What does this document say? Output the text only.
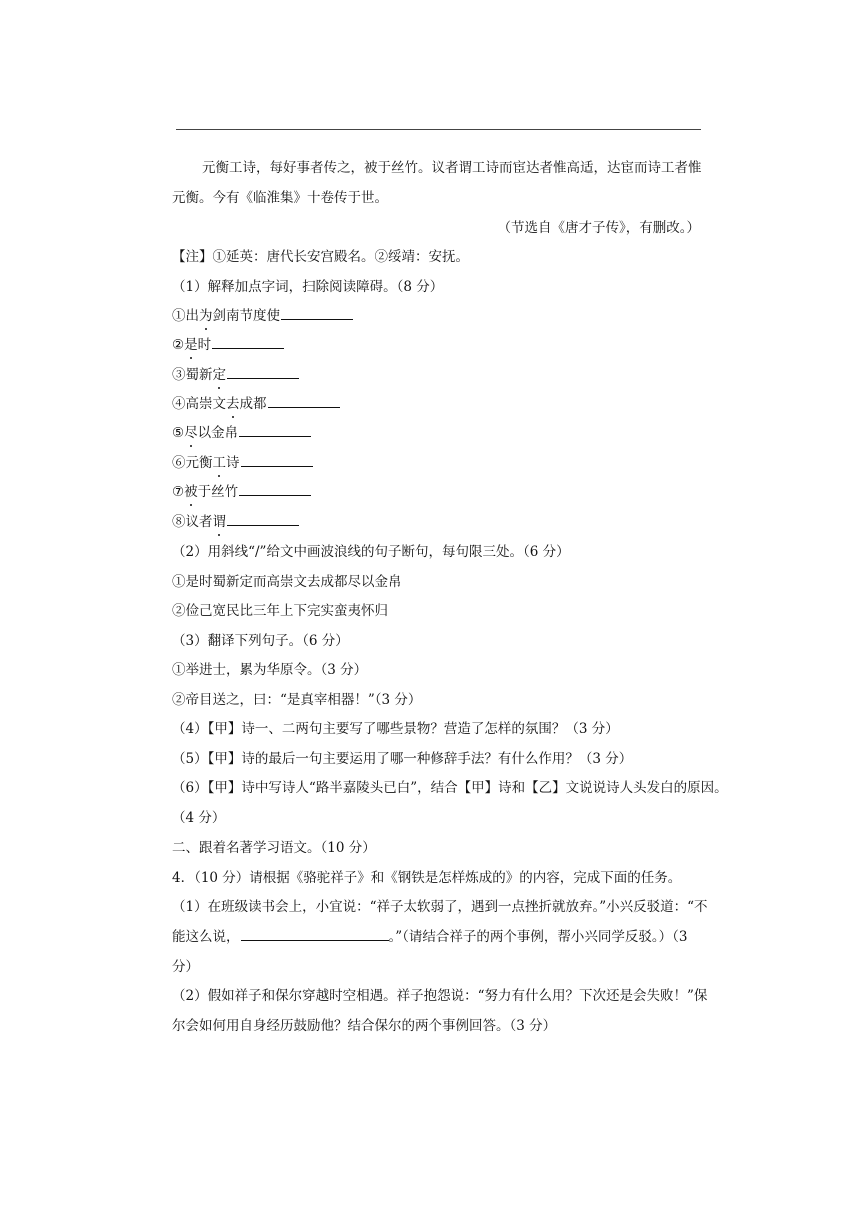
元衡工诗，每好事者传之，被于丝竹。议者谓工诗而宦达者惟高适，达宦而诗工者惟
元衡。今有《临淮集》十卷传于世。
（节选自《唐才子传》，有删改。）
【注】①延英：唐代长安宫殿名。②绥靖：安抚。
（1）解释加点字词，扫除阅读障碍。（8 分）
①出为剑南节度使
②是时
③蜀新定
④高崇文去成都
⑤尽以金帛
⑥元衡工诗
⑦被于丝竹
⑧议者谓
（2）用斜线“/”给文中画波浪线的句子断句，每句限三处。（6 分）
①是时蜀新定而高崇文去成都尽以金帛
②俭己宽民比三年上下完实蛮夷怀归
（3）翻译下列句子。（6 分）
①举进士，累为华原令。（3 分）
②帝目送之，曰：“是真宰相器！”（3 分）
（4）【甲】诗一、二两句主要写了哪些景物？营造了怎样的氛围？（3 分）
（5）【甲】诗的最后一句主要运用了哪一种修辞手法？有什么作用？（3 分）
（6）【甲】诗中写诗人“路半嘉陵头已白”，结合【甲】诗和【乙】文说说诗人头发白的原因。
（4 分）
二、跟着名著学习语文。（10 分）
4．（10 分）请根据《骆驼祥子》和《钢铁是怎样炼成的》的内容，完成下面的任务。
（1）在班级读书会上，小宜说：“祥子太软弱了，遇到一点挫折就放弃。”小兴反驳道：“不
能这么说，	。”（请结合祥子的两个事例，帮小兴同学反驳。）（3
分）
（2）假如祥子和保尔穿越时空相遇。祥子抱怨说：“努力有什么用？下次还是会失败！”保
尔会如何用自身经历鼓励他？结合保尔的两个事例回答。（3 分）
